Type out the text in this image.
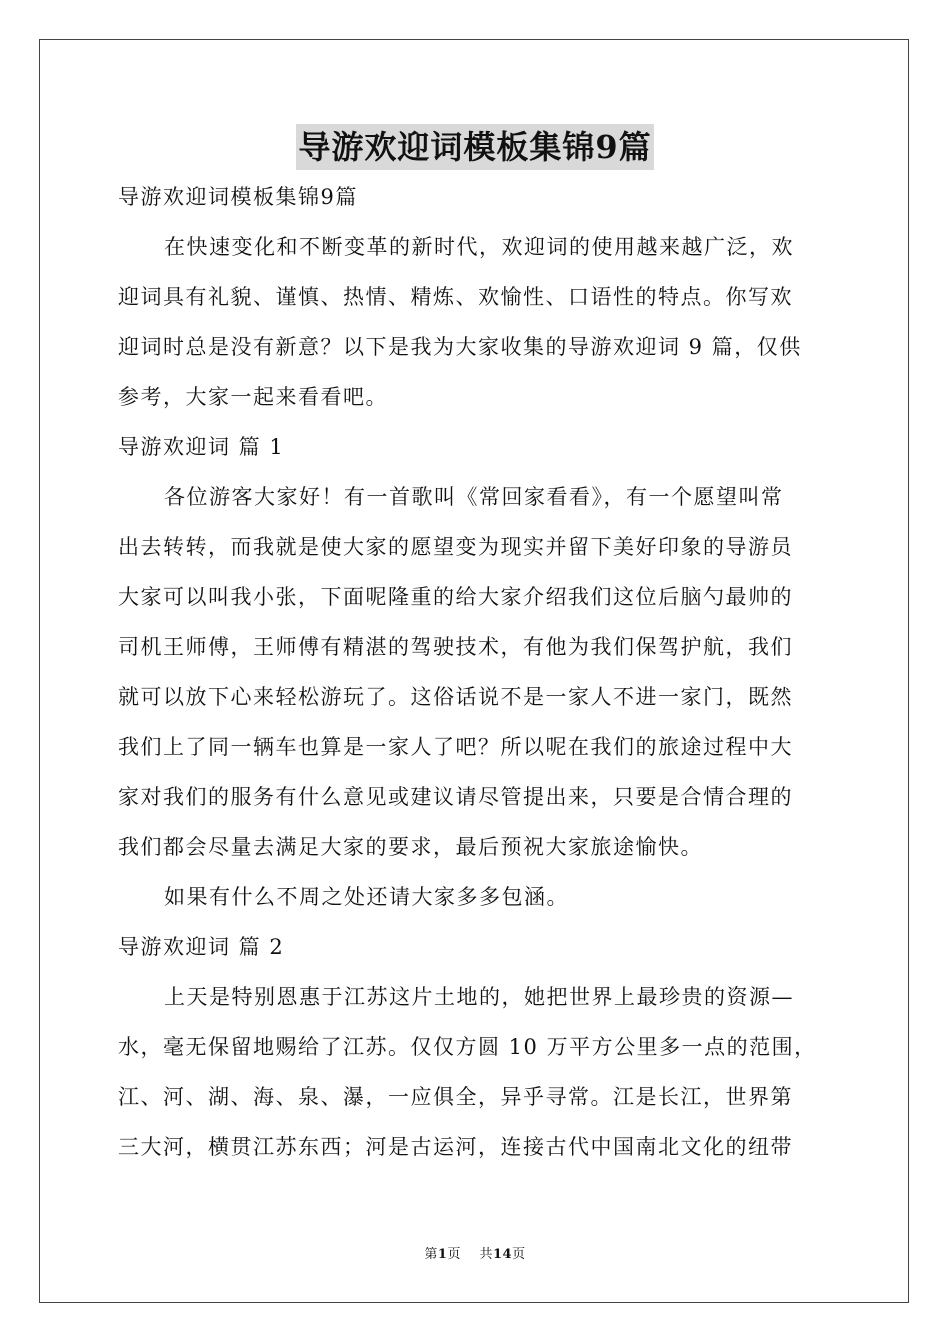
导游欢迎词模板集锦9篇
导游欢迎词模板集锦9篇
在快速变化和不断变革的新时代，欢迎词的使用越来越广泛，欢
迎词具有礼貌、谨慎、热情、精炼、欢愉性、口语性的特点。你写欢
迎词时总是没有新意？以下是我为大家收集的导游欢迎词 9 篇，仅供
参考，大家一起来看看吧。
导游欢迎词 篇 1
各位游客大家好！有一首歌叫《常回家看看》，有一个愿望叫常
出去转转，而我就是使大家的愿望变为现实并留下美好印象的导游员
大家可以叫我小张，下面呢隆重的给大家介绍我们这位后脑勺最帅的
司机王师傅，王师傅有精湛的驾驶技术，有他为我们保驾护航，我们
就可以放下心来轻松游玩了。这俗话说不是一家人不进一家门，既然
我们上了同一辆车也算是一家人了吧？所以呢在我们的旅途过程中大
家对我们的服务有什么意见或建议请尽管提出来，只要是合情合理的
我们都会尽量去满足大家的要求，最后预祝大家旅途愉快。
如果有什么不周之处还请大家多多包涵。
导游欢迎词 篇 2
上天是特别恩惠于江苏这片土地的，她把世界上最珍贵的资源—
水，毫无保留地赐给了江苏。仅仅方圆 10 万平方公里多一点的范围，
江、河、湖、海、泉、瀑，一应俱全，异乎寻常。江是长江，世界第
三大河，横贯江苏东西；河是古运河，连接古代中国南北文化的纽带
第1页 共14页
